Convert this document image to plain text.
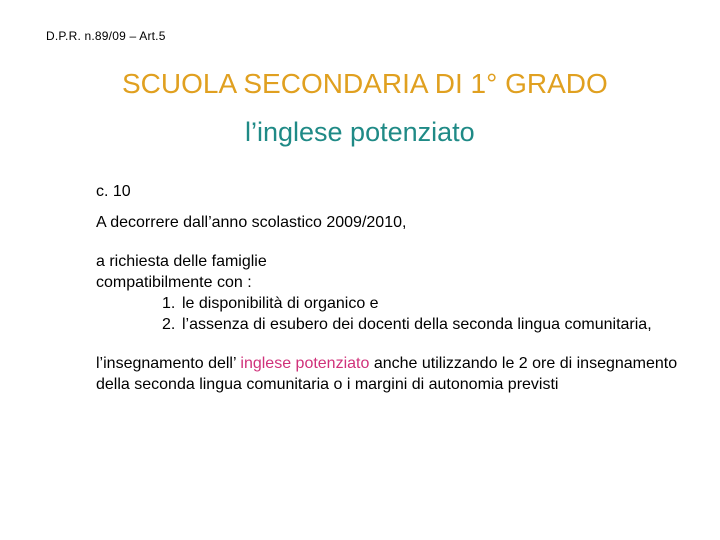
D.P.R. n.89/09 – Art.5
SCUOLA SECONDARIA DI 1° GRADO
l’inglese potenziato

c. 10

A decorrere dall’anno scolastico 2009/2010,

a richiesta delle famiglie

compatibilmente con :

1. le disponibilità di organico e
2. l’assenza di esubero dei docenti della seconda lingua comunitaria,

l’insegnamento dell’ inglese potenziato anche utilizzando le 2 ore di insegnamento della seconda lingua comunitaria o i margini di autonomia previsti
